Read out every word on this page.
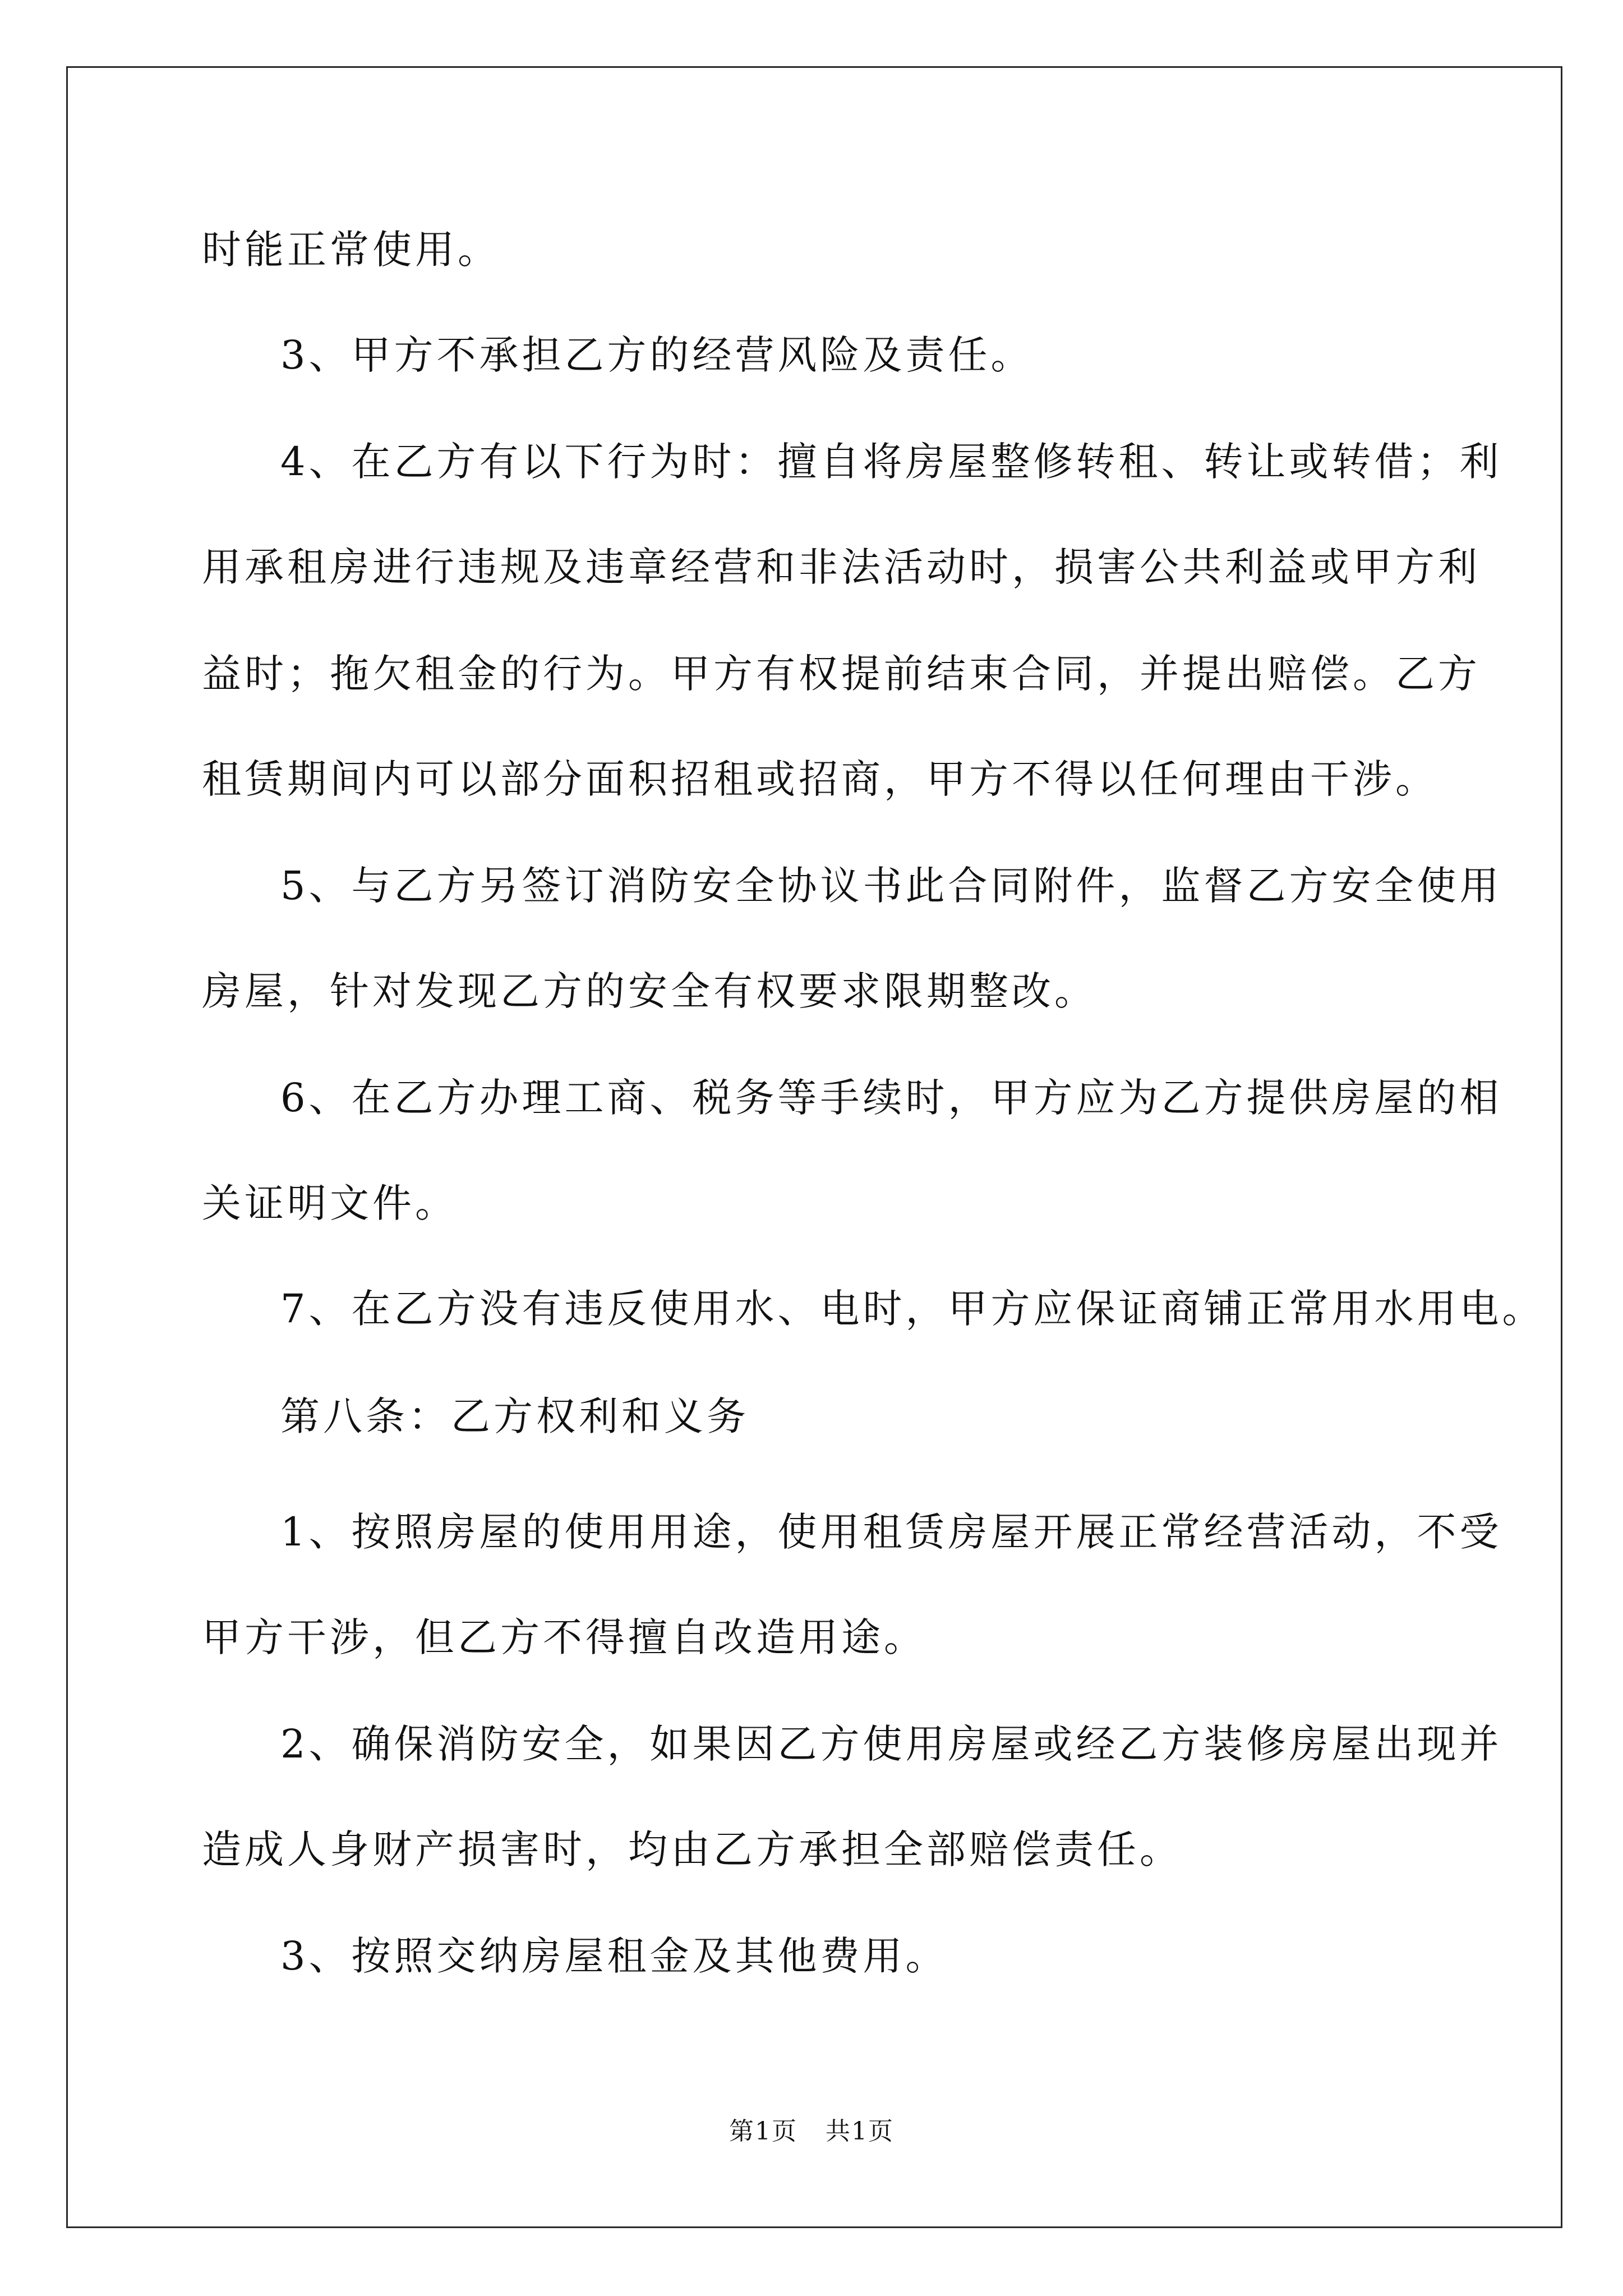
时能正常使用。
3、甲方不承担乙方的经营风险及责任。
4、在乙方有以下行为时：擅自将房屋整修转租、转让或转借；利
用承租房进行违规及违章经营和非法活动时，损害公共利益或甲方利
益时；拖欠租金的行为。甲方有权提前结束合同，并提出赔偿。乙方
租赁期间内可以部分面积招租或招商，甲方不得以任何理由干涉。
5、与乙方另签订消防安全协议书此合同附件，监督乙方安全使用
房屋，针对发现乙方的安全有权要求限期整改。
6、在乙方办理工商、税务等手续时，甲方应为乙方提供房屋的相
关证明文件。
7、在乙方没有违反使用水、电时，甲方应保证商铺正常用水用电。
第八条：乙方权利和义务
1、按照房屋的使用用途，使用租赁房屋开展正常经营活动，不受
甲方干涉，但乙方不得擅自改造用途。
2、确保消防安全，如果因乙方使用房屋或经乙方装修房屋出现并
造成人身财产损害时，均由乙方承担全部赔偿责任。
3、按照交纳房屋租金及其他费用。
第1页 共1页
